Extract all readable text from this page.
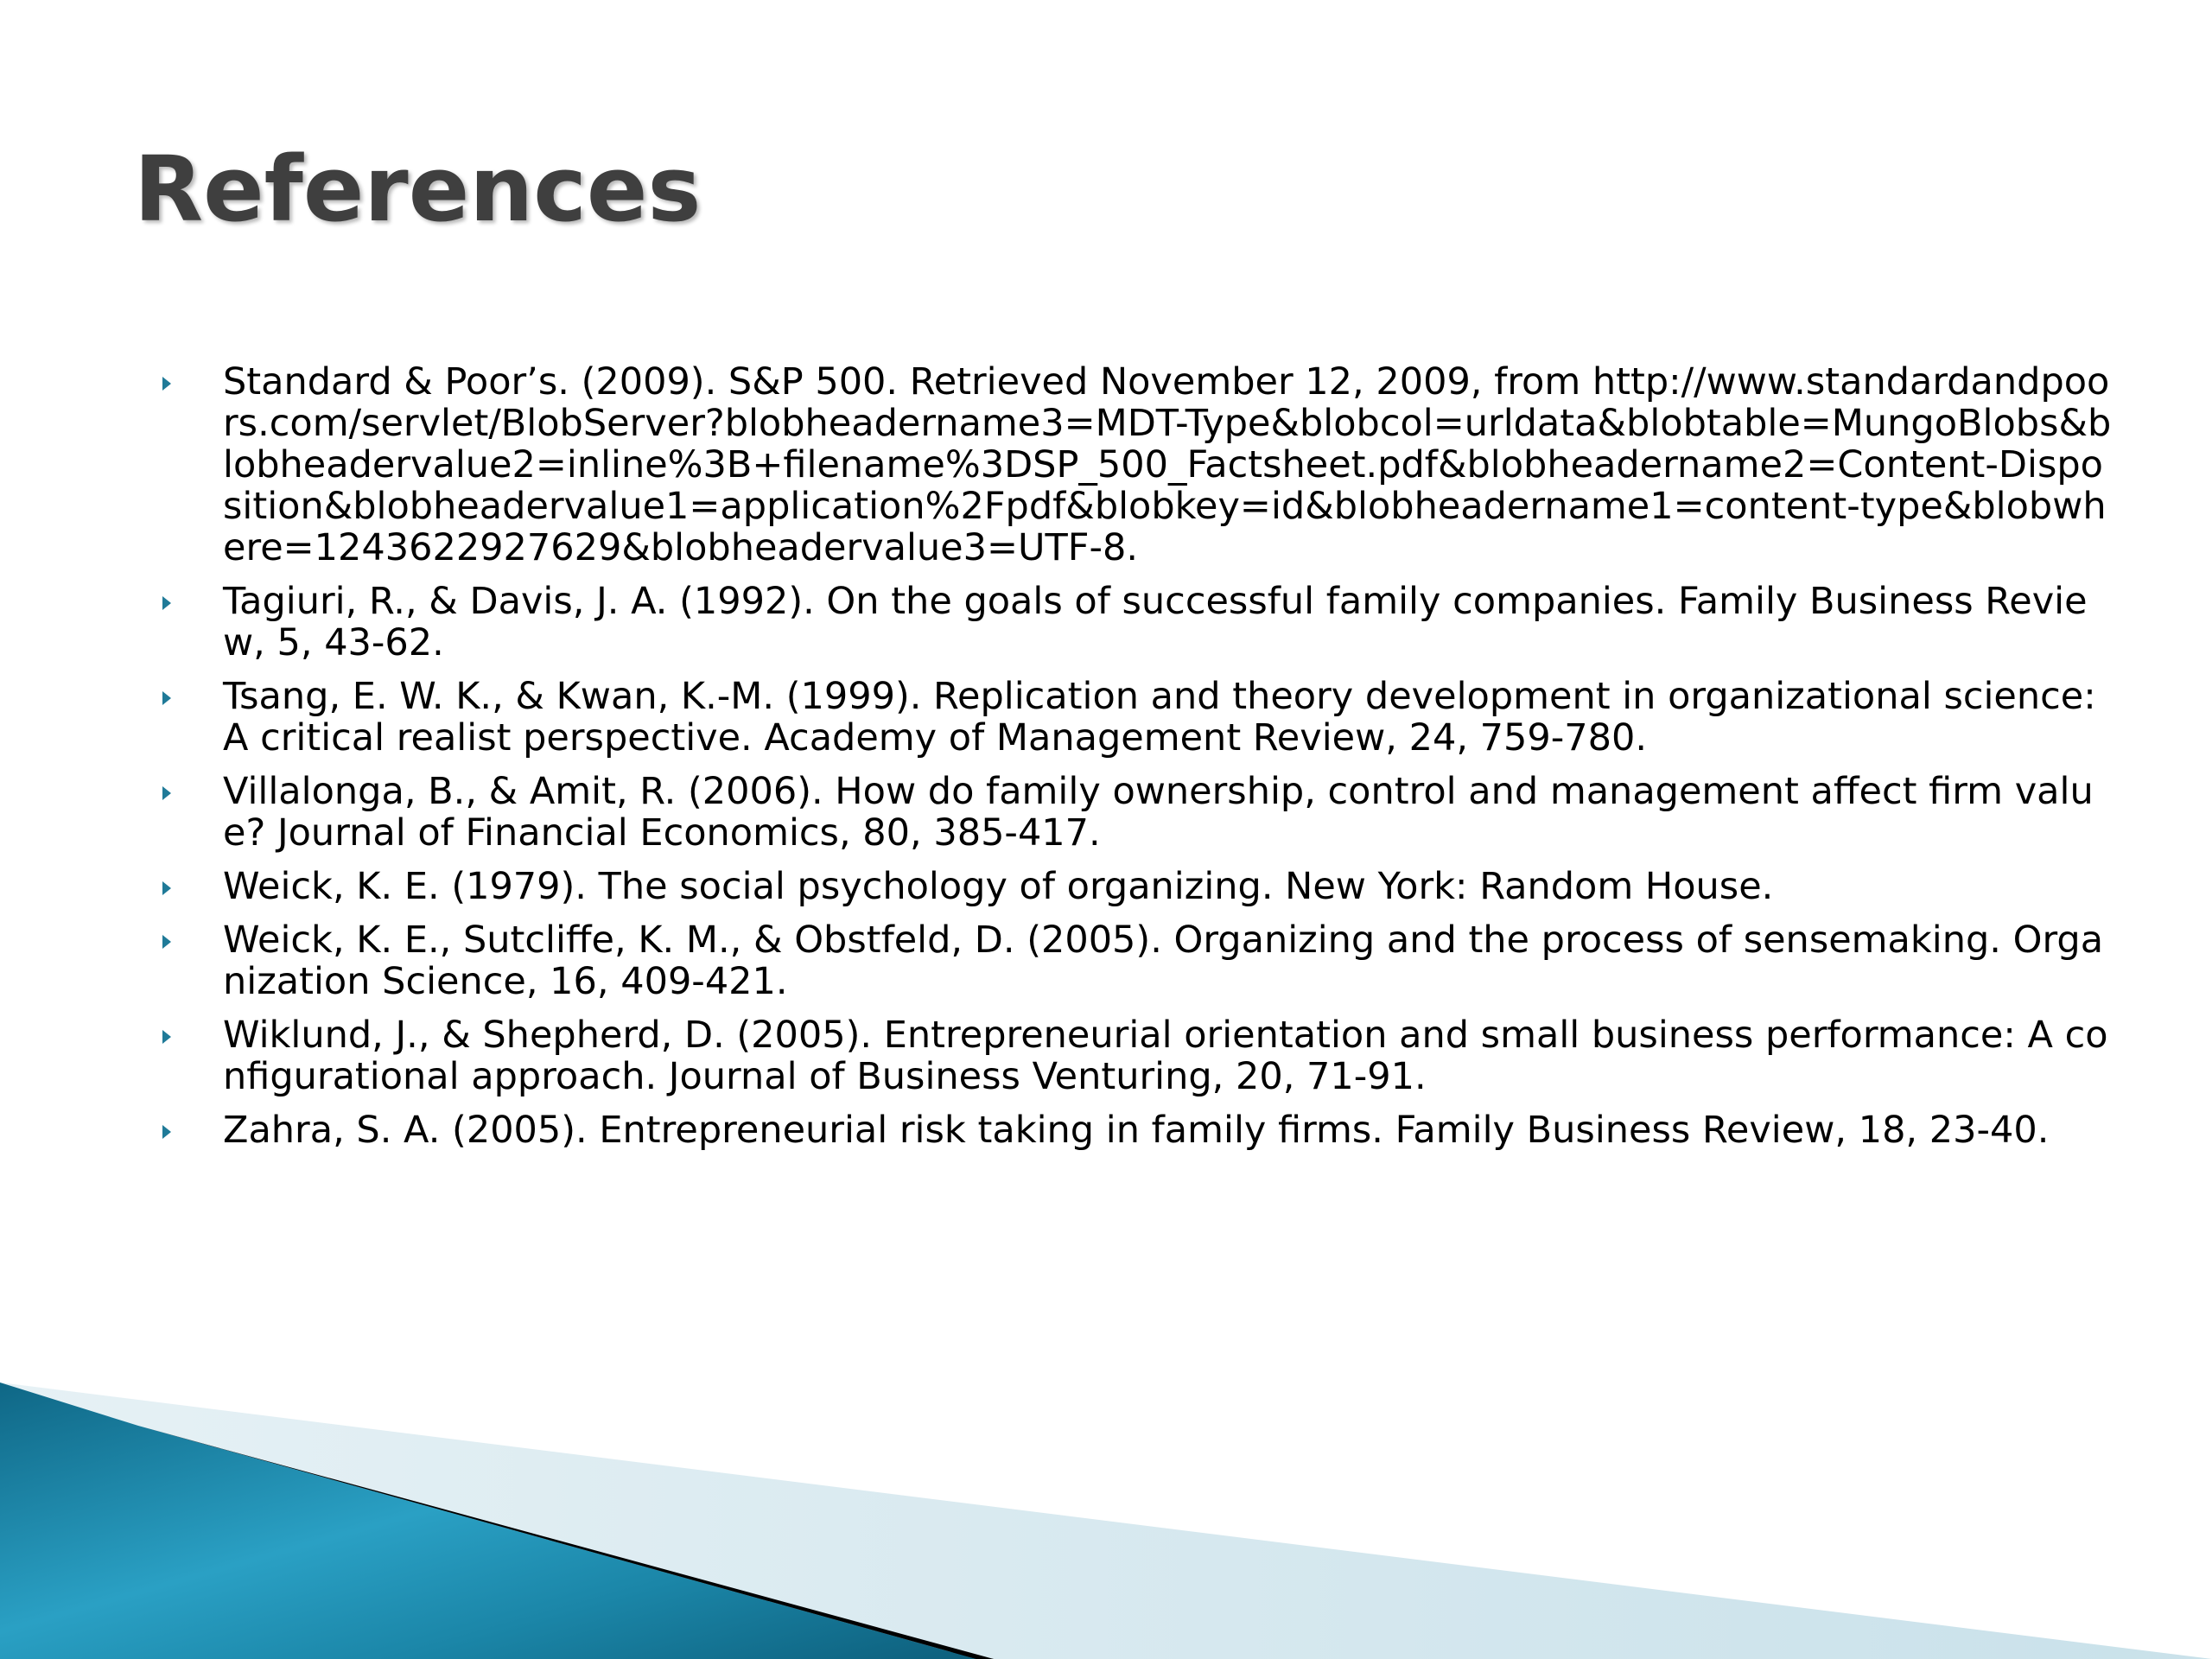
References
Standard & Poor’s. (2009). S&P 500. Retrieved November 12, 2009, from http://www.standardandpoors.com/servlet/BlobServer?blobheadername3=MDT-Type&blobcol=urldata&blobtable=MungoBlobs&blobheadervalue2=inline%3B+filename%3DSP_500_Factsheet.pdf&blobheadername2=Content-Disposition&blobheadervalue1=application%2Fpdf&blobkey=id&blobheadername1=content-type&blobwhere=1243622927629&blobheadervalue3=UTF-8.
Tagiuri, R., & Davis, J. A. (1992). On the goals of successful family companies. Family Business Review, 5, 43-62.
Tsang, E. W. K., & Kwan, K.-M. (1999). Replication and theory development in organizational science: A critical realist perspective. Academy of Management Review, 24, 759-780.
Villalonga, B., & Amit, R. (2006). How do family ownership, control and management affect firm value? Journal of Financial Economics, 80, 385-417.
Weick, K. E. (1979). The social psychology of organizing. New York: Random House.
Weick, K. E., Sutcliffe, K. M., & Obstfeld, D. (2005). Organizing and the process of sensemaking. Organization Science, 16, 409-421.
Wiklund, J., & Shepherd, D. (2005). Entrepreneurial orientation and small business performance: A configurational approach. Journal of Business Venturing, 20, 71-91.
Zahra, S. A. (2005). Entrepreneurial risk taking in family firms. Family Business Review, 18, 23-40.
